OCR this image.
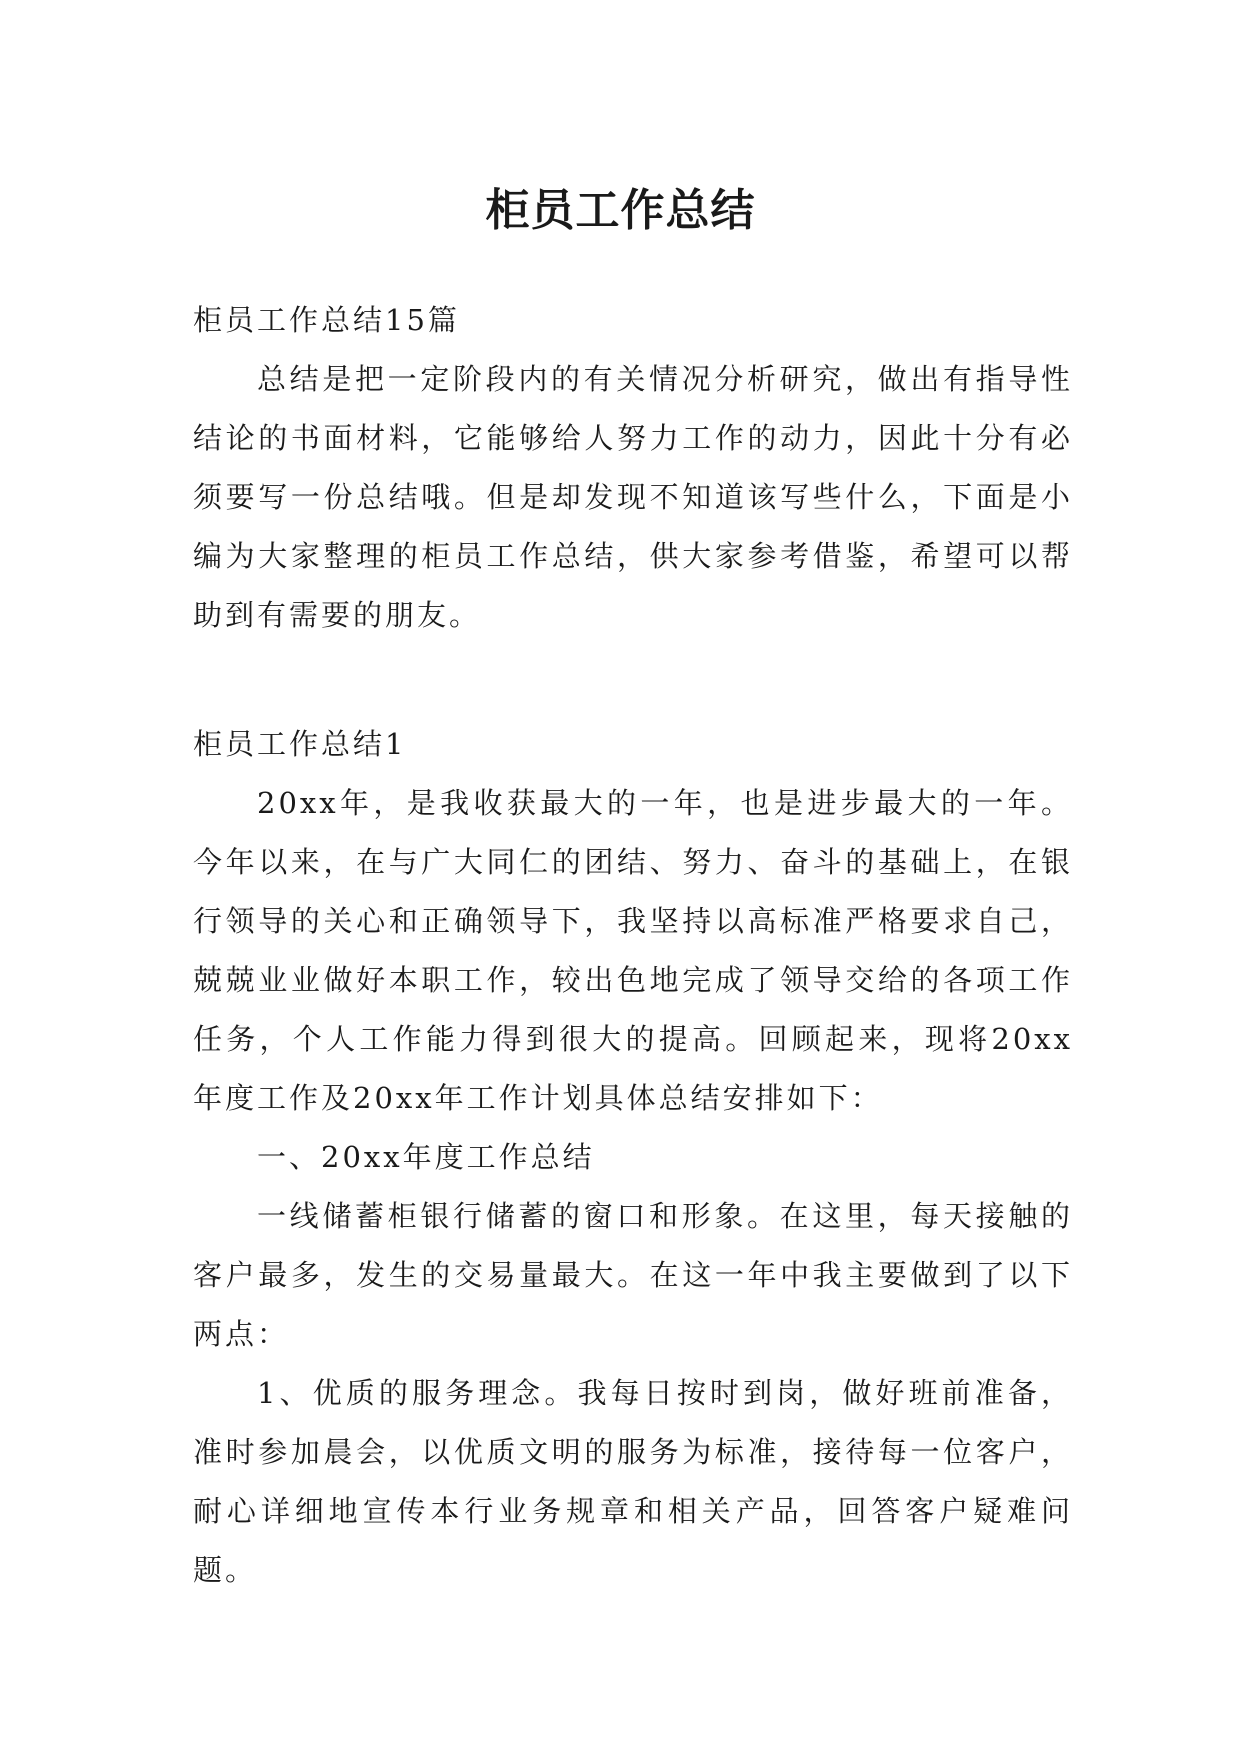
柜员工作总结

柜员工作总结15篇

总结是把一定阶段内的有关情况分析研究，做出有指导性结论的书面材料，它能够给人努力工作的动力，因此十分有必须要写一份总结哦。但是却发现不知道该写些什么，下面是小编为大家整理的柜员工作总结，供大家参考借鉴，希望可以帮助到有需要的朋友。

柜员工作总结1

20xx年，是我收获最大的一年，也是进步最大的一年。今年以来，在与广大同仁的团结、努力、奋斗的基础上，在银行领导的关心和正确领导下，我坚持以高标准严格要求自己，兢兢业业做好本职工作，较出色地完成了领导交给的各项工作任务，个人工作能力得到很大的提高。回顾起来，现将20xx年度工作及20xx年工作计划具体总结安排如下：

一、20xx年度工作总结

一线储蓄柜银行储蓄的窗口和形象。在这里，每天接触的客户最多，发生的交易量最大。在这一年中我主要做到了以下两点：

1、优质的服务理念。我每日按时到岗，做好班前准备，准时参加晨会，以优质文明的服务为标准，接待每一位客户，耐心详细地宣传本行业务规章和相关产品，回答客户疑难问题。
